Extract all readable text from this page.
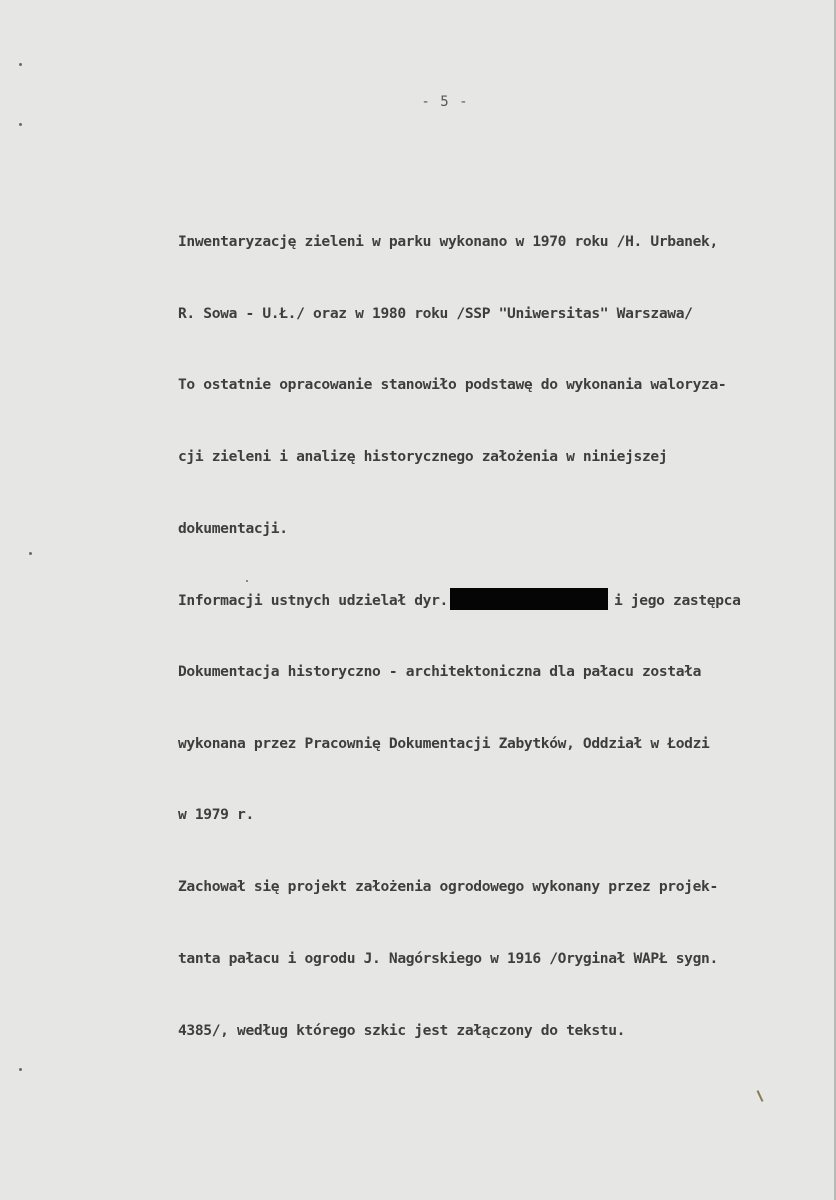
- 5 -

Inwentaryzację zieleni w parku wykonano w 1970 roku /H. Urbanek,

R. Sowa - U.Ł./ oraz w 1980 roku /SSP "Uniwersitas" Warszawa/

To ostatnie opracowanie stanowiło podstawę do wykonania waloryza-

cji zieleni i analizę historycznego założenia w niniejszej

dokumentacji.

Informacji ustnych udzielał dyr.	i jego zastępca

Dokumentacja historyczno - architektoniczna dla pałacu została

wykonana przez Pracownię Dokumentacji Zabytków, Oddział w Łodzi

w 1979 r.

Zachował się projekt założenia ogrodowego wykonany przez projek-

tanta pałacu i ogrodu J. Nagórskiego w 1916 /Oryginał WAPŁ sygn.

4385/, według którego szkic jest załączony do tekstu.
